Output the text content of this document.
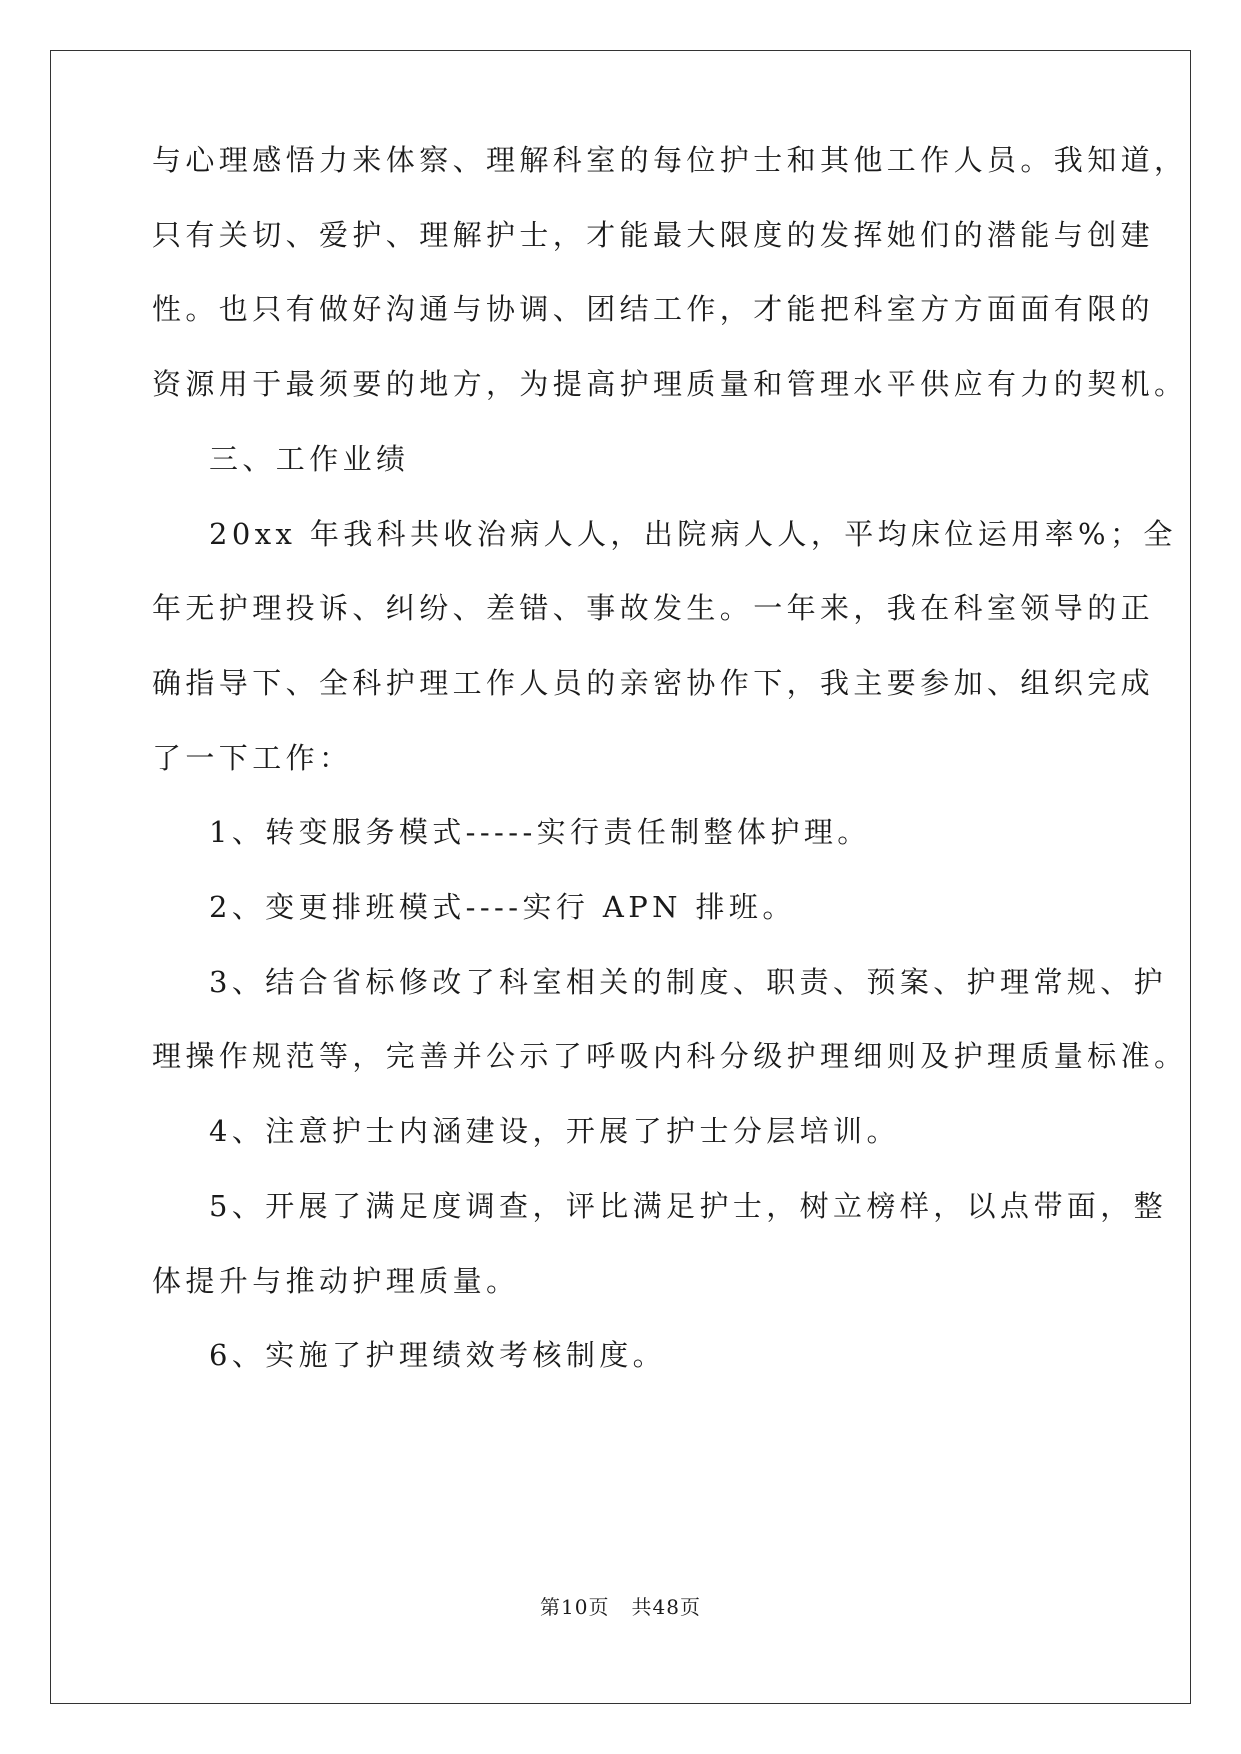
与心理感悟力来体察、理解科室的每位护士和其他工作人员。我知道，
只有关切、爱护、理解护士，才能最大限度的发挥她们的潜能与创建
性。也只有做好沟通与协调、团结工作，才能把科室方方面面有限的
资源用于最须要的地方，为提高护理质量和管理水平供应有力的契机。
三、工作业绩
20xx 年我科共收治病人人，出院病人人，平均床位运用率%；全
年无护理投诉、纠纷、差错、事故发生。一年来，我在科室领导的正
确指导下、全科护理工作人员的亲密协作下，我主要参加、组织完成
了一下工作：
1、转变服务模式-----实行责任制整体护理。
2、变更排班模式----实行 APN 排班。
3、结合省标修改了科室相关的制度、职责、预案、护理常规、护
理操作规范等，完善并公示了呼吸内科分级护理细则及护理质量标准。
4、注意护士内涵建设，开展了护士分层培训。
5、开展了满足度调查，评比满足护士，树立榜样，以点带面，整
体提升与推动护理质量。
6、实施了护理绩效考核制度。
第10页   共48页
